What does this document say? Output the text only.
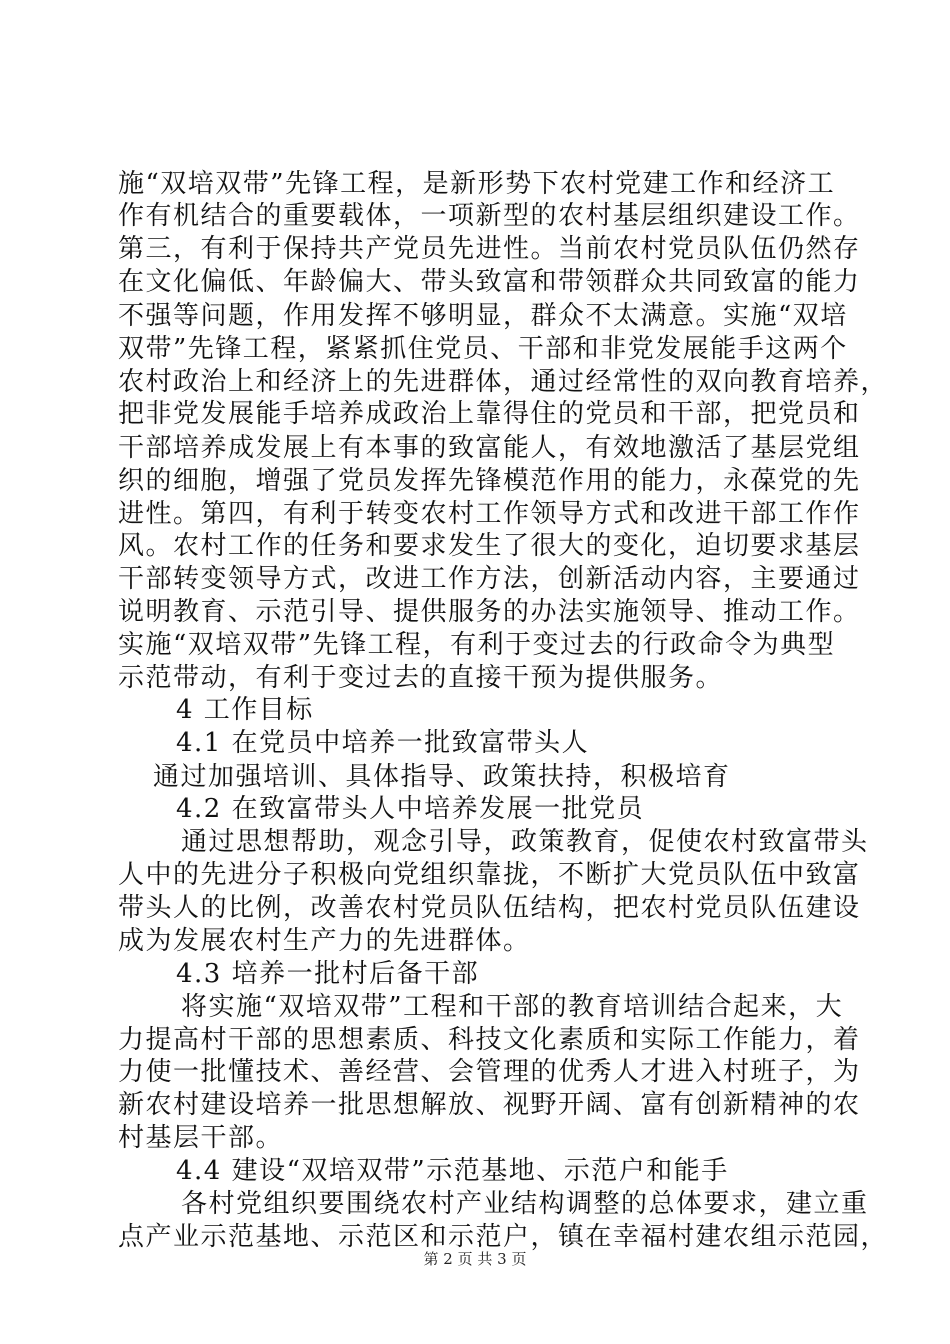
施“双培双带”先锋工程，是新形势下农村党建工作和经济工
作有机结合的重要载体，一项新型的农村基层组织建设工作。
第三，有利于保持共产党员先进性。当前农村党员队伍仍然存
在文化偏低、年龄偏大、带头致富和带领群众共同致富的能力
不强等问题，作用发挥不够明显，群众不太满意。实施“双培
双带”先锋工程，紧紧抓住党员、干部和非党发展能手这两个
农村政治上和经济上的先进群体，通过经常性的双向教育培养，
把非党发展能手培养成政治上靠得住的党员和干部，把党员和
干部培养成发展上有本事的致富能人，有效地激活了基层党组
织的细胞，增强了党员发挥先锋模范作用的能力，永葆党的先
进性。第四，有利于转变农村工作领导方式和改进干部工作作
风。农村工作的任务和要求发生了很大的变化，迫切要求基层
干部转变领导方式，改进工作方法，创新活动内容，主要通过
说明教育、示范引导、提供服务的办法实施领导、推动工作。
实施“双培双带”先锋工程，有利于变过去的行政命令为典型
示范带动，有利于变过去的直接干预为提供服务。
4 工作目标
4.1 在党员中培养一批致富带头人
通过加强培训、具体指导、政策扶持，积极培育
4.2 在致富带头人中培养发展一批党员
通过思想帮助，观念引导，政策教育，促使农村致富带头
人中的先进分子积极向党组织靠拢，不断扩大党员队伍中致富
带头人的比例，改善农村党员队伍结构，把农村党员队伍建设
成为发展农村生产力的先进群体。
4.3 培养一批村后备干部
将实施“双培双带”工程和干部的教育培训结合起来，大
力提高村干部的思想素质、科技文化素质和实际工作能力，着
力使一批懂技术、善经营、会管理的优秀人才进入村班子，为
新农村建设培养一批思想解放、视野开阔、富有创新精神的农
村基层干部。
4.4 建设“双培双带”示范基地、示范户和能手
各村党组织要围绕农村产业结构调整的总体要求，建立重
点产业示范基地、示范区和示范户，镇在幸福村建农组示范园，
第 2 页 共 3 页
